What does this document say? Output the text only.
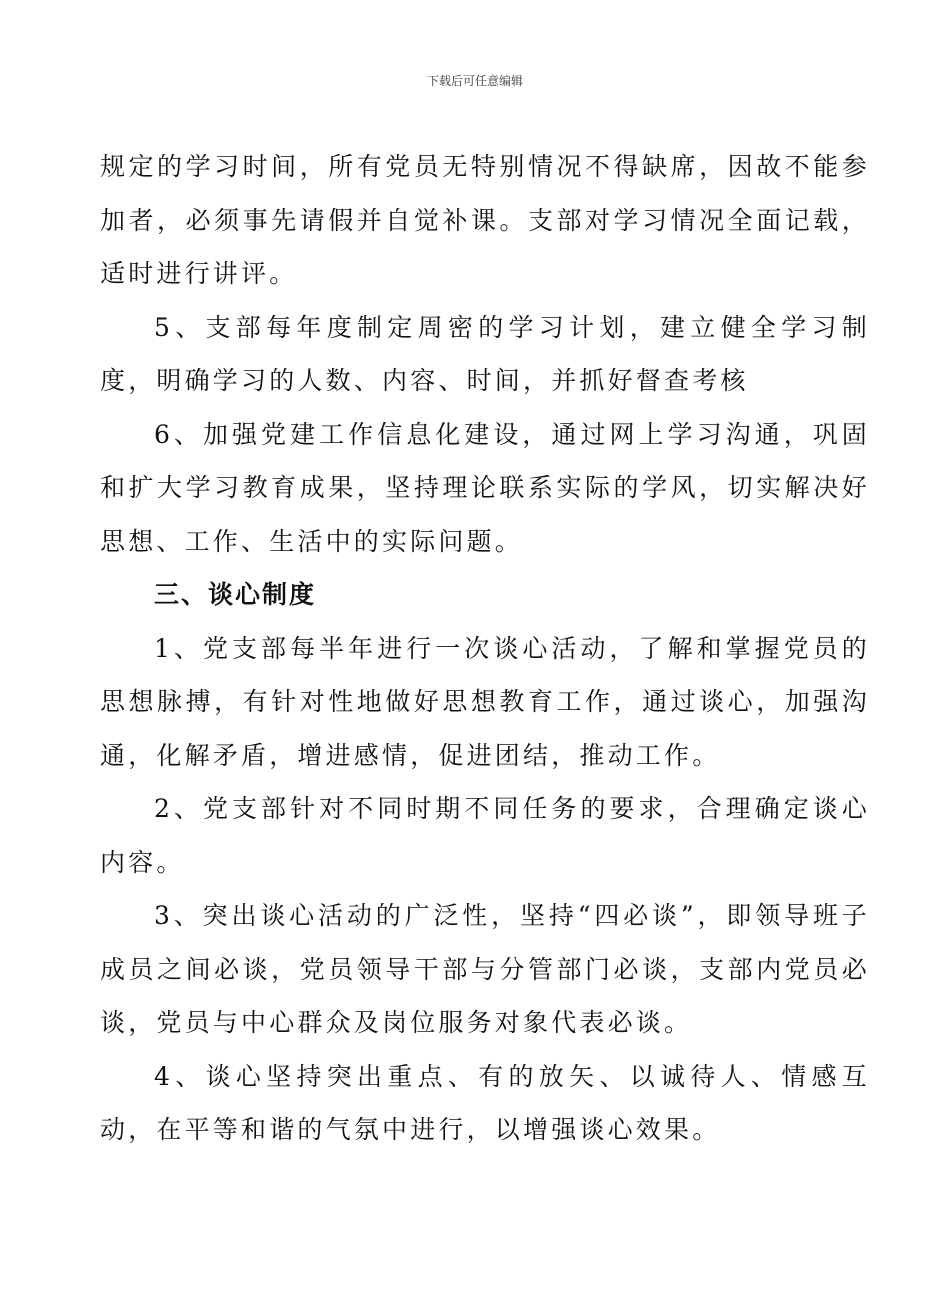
下载后可任意编辑

规定的学习时间，所有党员无特别情况不得缺席，因故不能参加者，必须事先请假并自觉补课。支部对学习情况全面记载，适时进行讲评。

5、支部每年度制定周密的学习计划，建立健全学习制度，明确学习的人数、内容、时间，并抓好督查考核

6、加强党建工作信息化建设，通过网上学习沟通，巩固和扩大学习教育成果，坚持理论联系实际的学风，切实解决好思想、工作、生活中的实际问题。

三、谈心制度

1、党支部每半年进行一次谈心活动，了解和掌握党员的思想脉搏，有针对性地做好思想教育工作，通过谈心，加强沟通，化解矛盾，增进感情，促进团结，推动工作。

2、党支部针对不同时期不同任务的要求，合理确定谈心内容。

3、突出谈心活动的广泛性，坚持“四必谈”，即领导班子成员之间必谈，党员领导干部与分管部门必谈，支部内党员必谈，党员与中心群众及岗位服务对象代表必谈。

4、谈心坚持突出重点、有的放矢、以诚待人、情感互动，在平等和谐的气氛中进行，以增强谈心效果。
